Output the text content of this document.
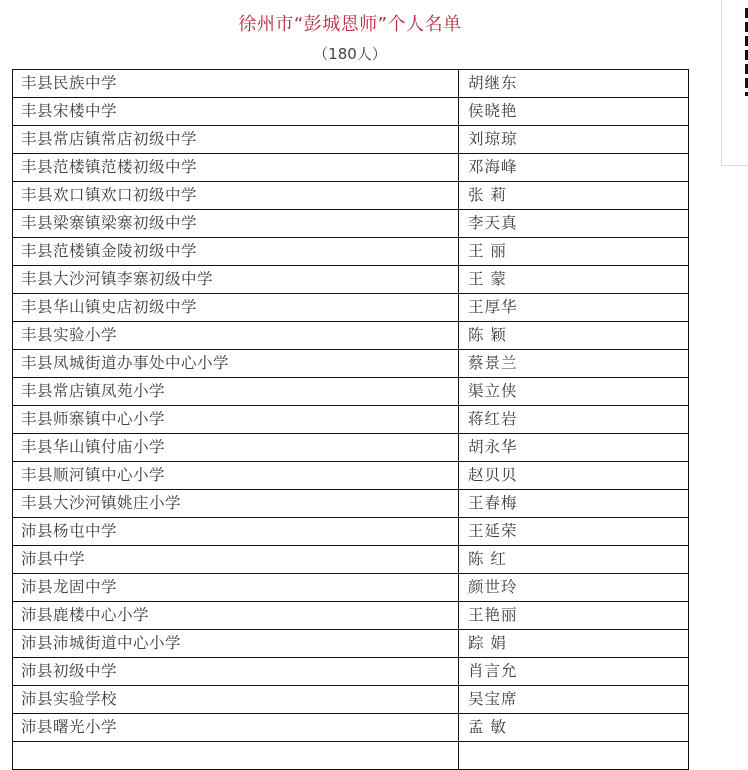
徐州市“彭城恩师”个人名单
（180人）
丰县民族中学	胡继东
丰县宋楼中学	侯晓艳
丰县常店镇常店初级中学	刘琼琼
丰县范楼镇范楼初级中学	邓海峰
丰县欢口镇欢口初级中学	张 莉
丰县梁寨镇梁寨初级中学	李天真
丰县范楼镇金陵初级中学	王 丽
丰县大沙河镇李寨初级中学	王 蒙
丰县华山镇史店初级中学	王厚华
丰县实验小学	陈 颖
丰县凤城街道办事处中心小学	蔡景兰
丰县常店镇凤苑小学	渠立侠
丰县师寨镇中心小学	蒋红岩
丰县华山镇付庙小学	胡永华
丰县顺河镇中心小学	赵贝贝
丰县大沙河镇姚庄小学	王春梅
沛县杨屯中学	王延荣
沛县中学	陈 红
沛县龙固中学	颜世玲
沛县鹿楼中心小学	王艳丽
沛县沛城街道中心小学	踪 娟
沛县初级中学	肖言允
沛县实验学校	吴宝席
沛县曙光小学	孟 敏
